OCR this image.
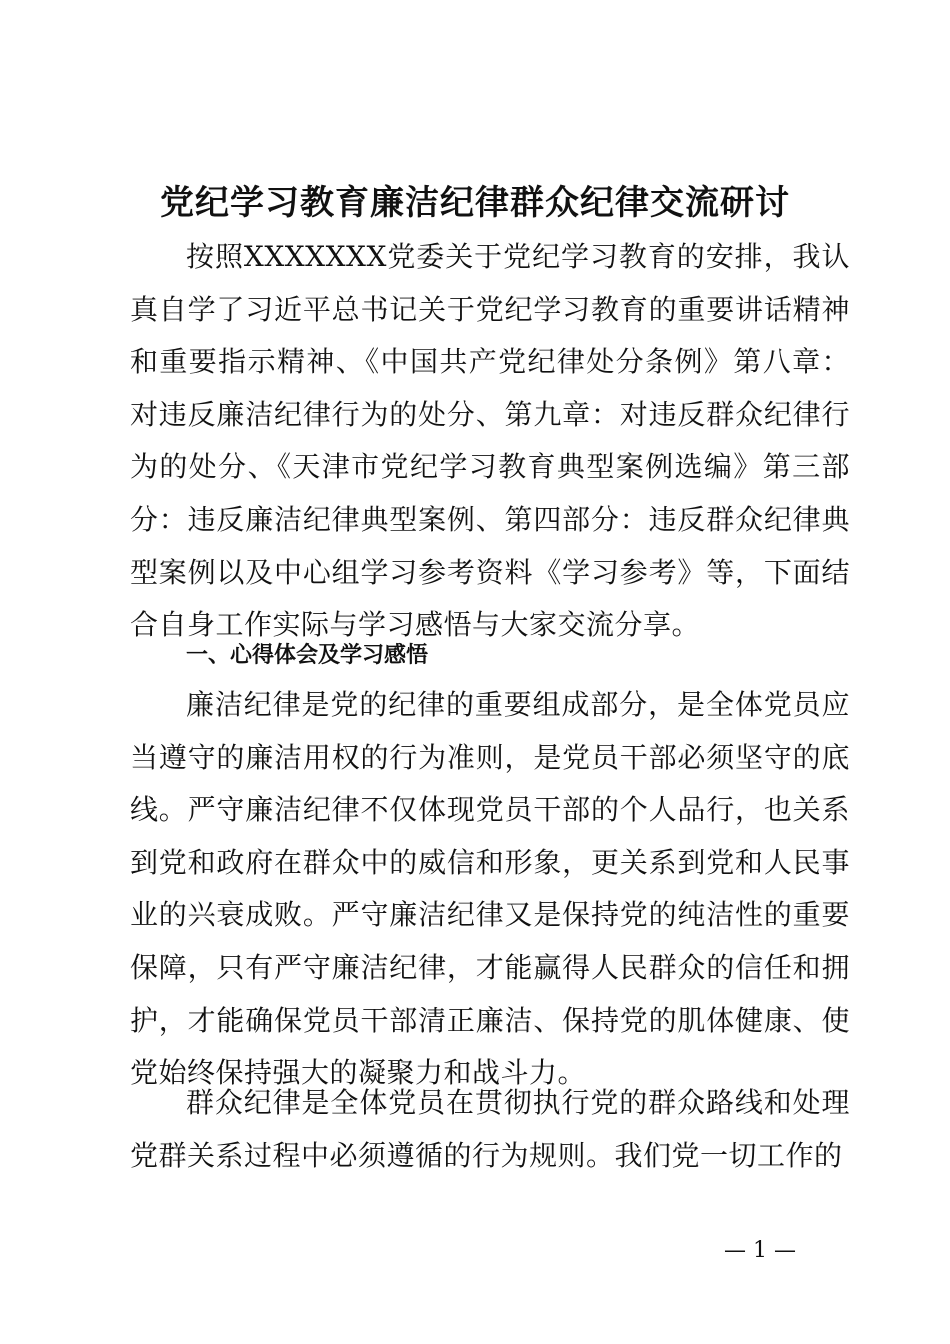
党纪学习教育廉洁纪律群众纪律交流研讨

按照XXXXXXX党委关于党纪学习教育的安排，我认真自学了习近平总书记关于党纪学习教育的重要讲话精神和重要指示精神、《中国共产党纪律处分条例》第八章：对违反廉洁纪律行为的处分、第九章：对违反群众纪律行为的处分、《天津市党纪学习教育典型案例选编》第三部分：违反廉洁纪律典型案例、第四部分：违反群众纪律典型案例以及中心组学习参考资料《学习参考》等，下面结合自身工作实际与学习感悟与大家交流分享。

一、心得体会及学习感悟

廉洁纪律是党的纪律的重要组成部分，是全体党员应当遵守的廉洁用权的行为准则，是党员干部必须坚守的底线。严守廉洁纪律不仅体现党员干部的个人品行，也关系到党和政府在群众中的威信和形象，更关系到党和人民事业的兴衰成败。严守廉洁纪律又是保持党的纯洁性的重要保障，只有严守廉洁纪律，才能赢得人民群众的信任和拥护，才能确保党员干部清正廉洁、保持党的肌体健康、使党始终保持强大的凝聚力和战斗力。

群众纪律是全体党员在贯彻执行党的群众路线和处理党群关系过程中必须遵循的行为规则。我们党一切工作的

— 1 —
